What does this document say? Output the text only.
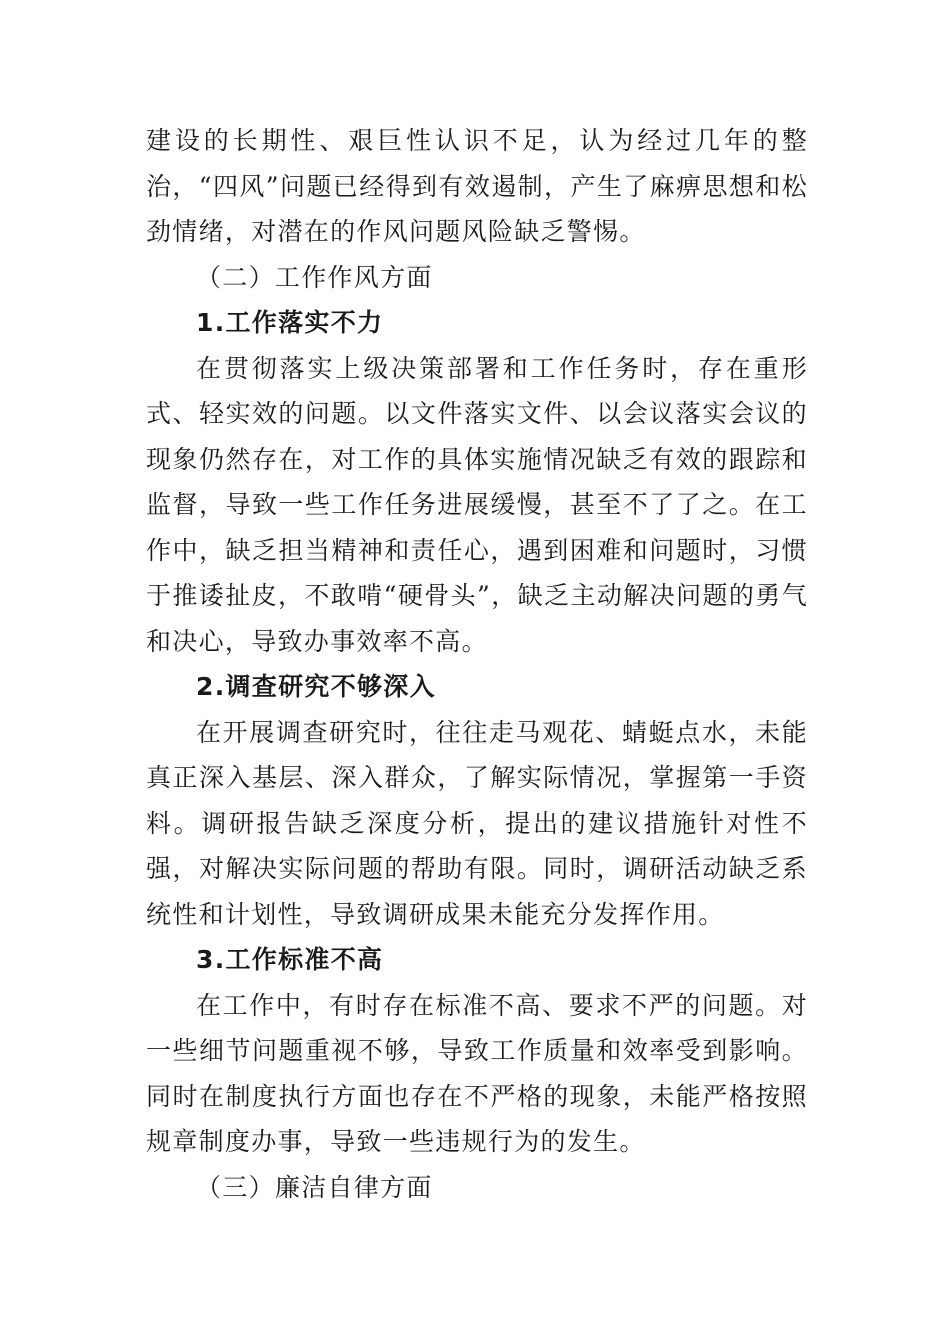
建设的长期性、艰巨性认识不足，认为经过几年的整治，“四风”问题已经得到有效遏制，产生了麻痹思想和松劲情绪，对潜在的作风问题风险缺乏警惕。

（二）工作作风方面

1.工作落实不力

在贯彻落实上级决策部署和工作任务时，存在重形式、轻实效的问题。以文件落实文件、以会议落实会议的现象仍然存在，对工作的具体实施情况缺乏有效的跟踪和监督，导致一些工作任务进展缓慢，甚至不了了之。在工作中，缺乏担当精神和责任心，遇到困难和问题时，习惯于推诿扯皮，不敢啃“硬骨头”，缺乏主动解决问题的勇气和决心，导致办事效率不高。

2.调查研究不够深入

在开展调查研究时，往往走马观花、蜻蜓点水，未能真正深入基层、深入群众，了解实际情况，掌握第一手资料。调研报告缺乏深度分析，提出的建议措施针对性不强，对解决实际问题的帮助有限。同时，调研活动缺乏系统性和计划性，导致调研成果未能充分发挥作用。

3.工作标准不高

在工作中，有时存在标准不高、要求不严的问题。对一些细节问题重视不够，导致工作质量和效率受到影响。同时在制度执行方面也存在不严格的现象，未能严格按照规章制度办事，导致一些违规行为的发生。

（三）廉洁自律方面
